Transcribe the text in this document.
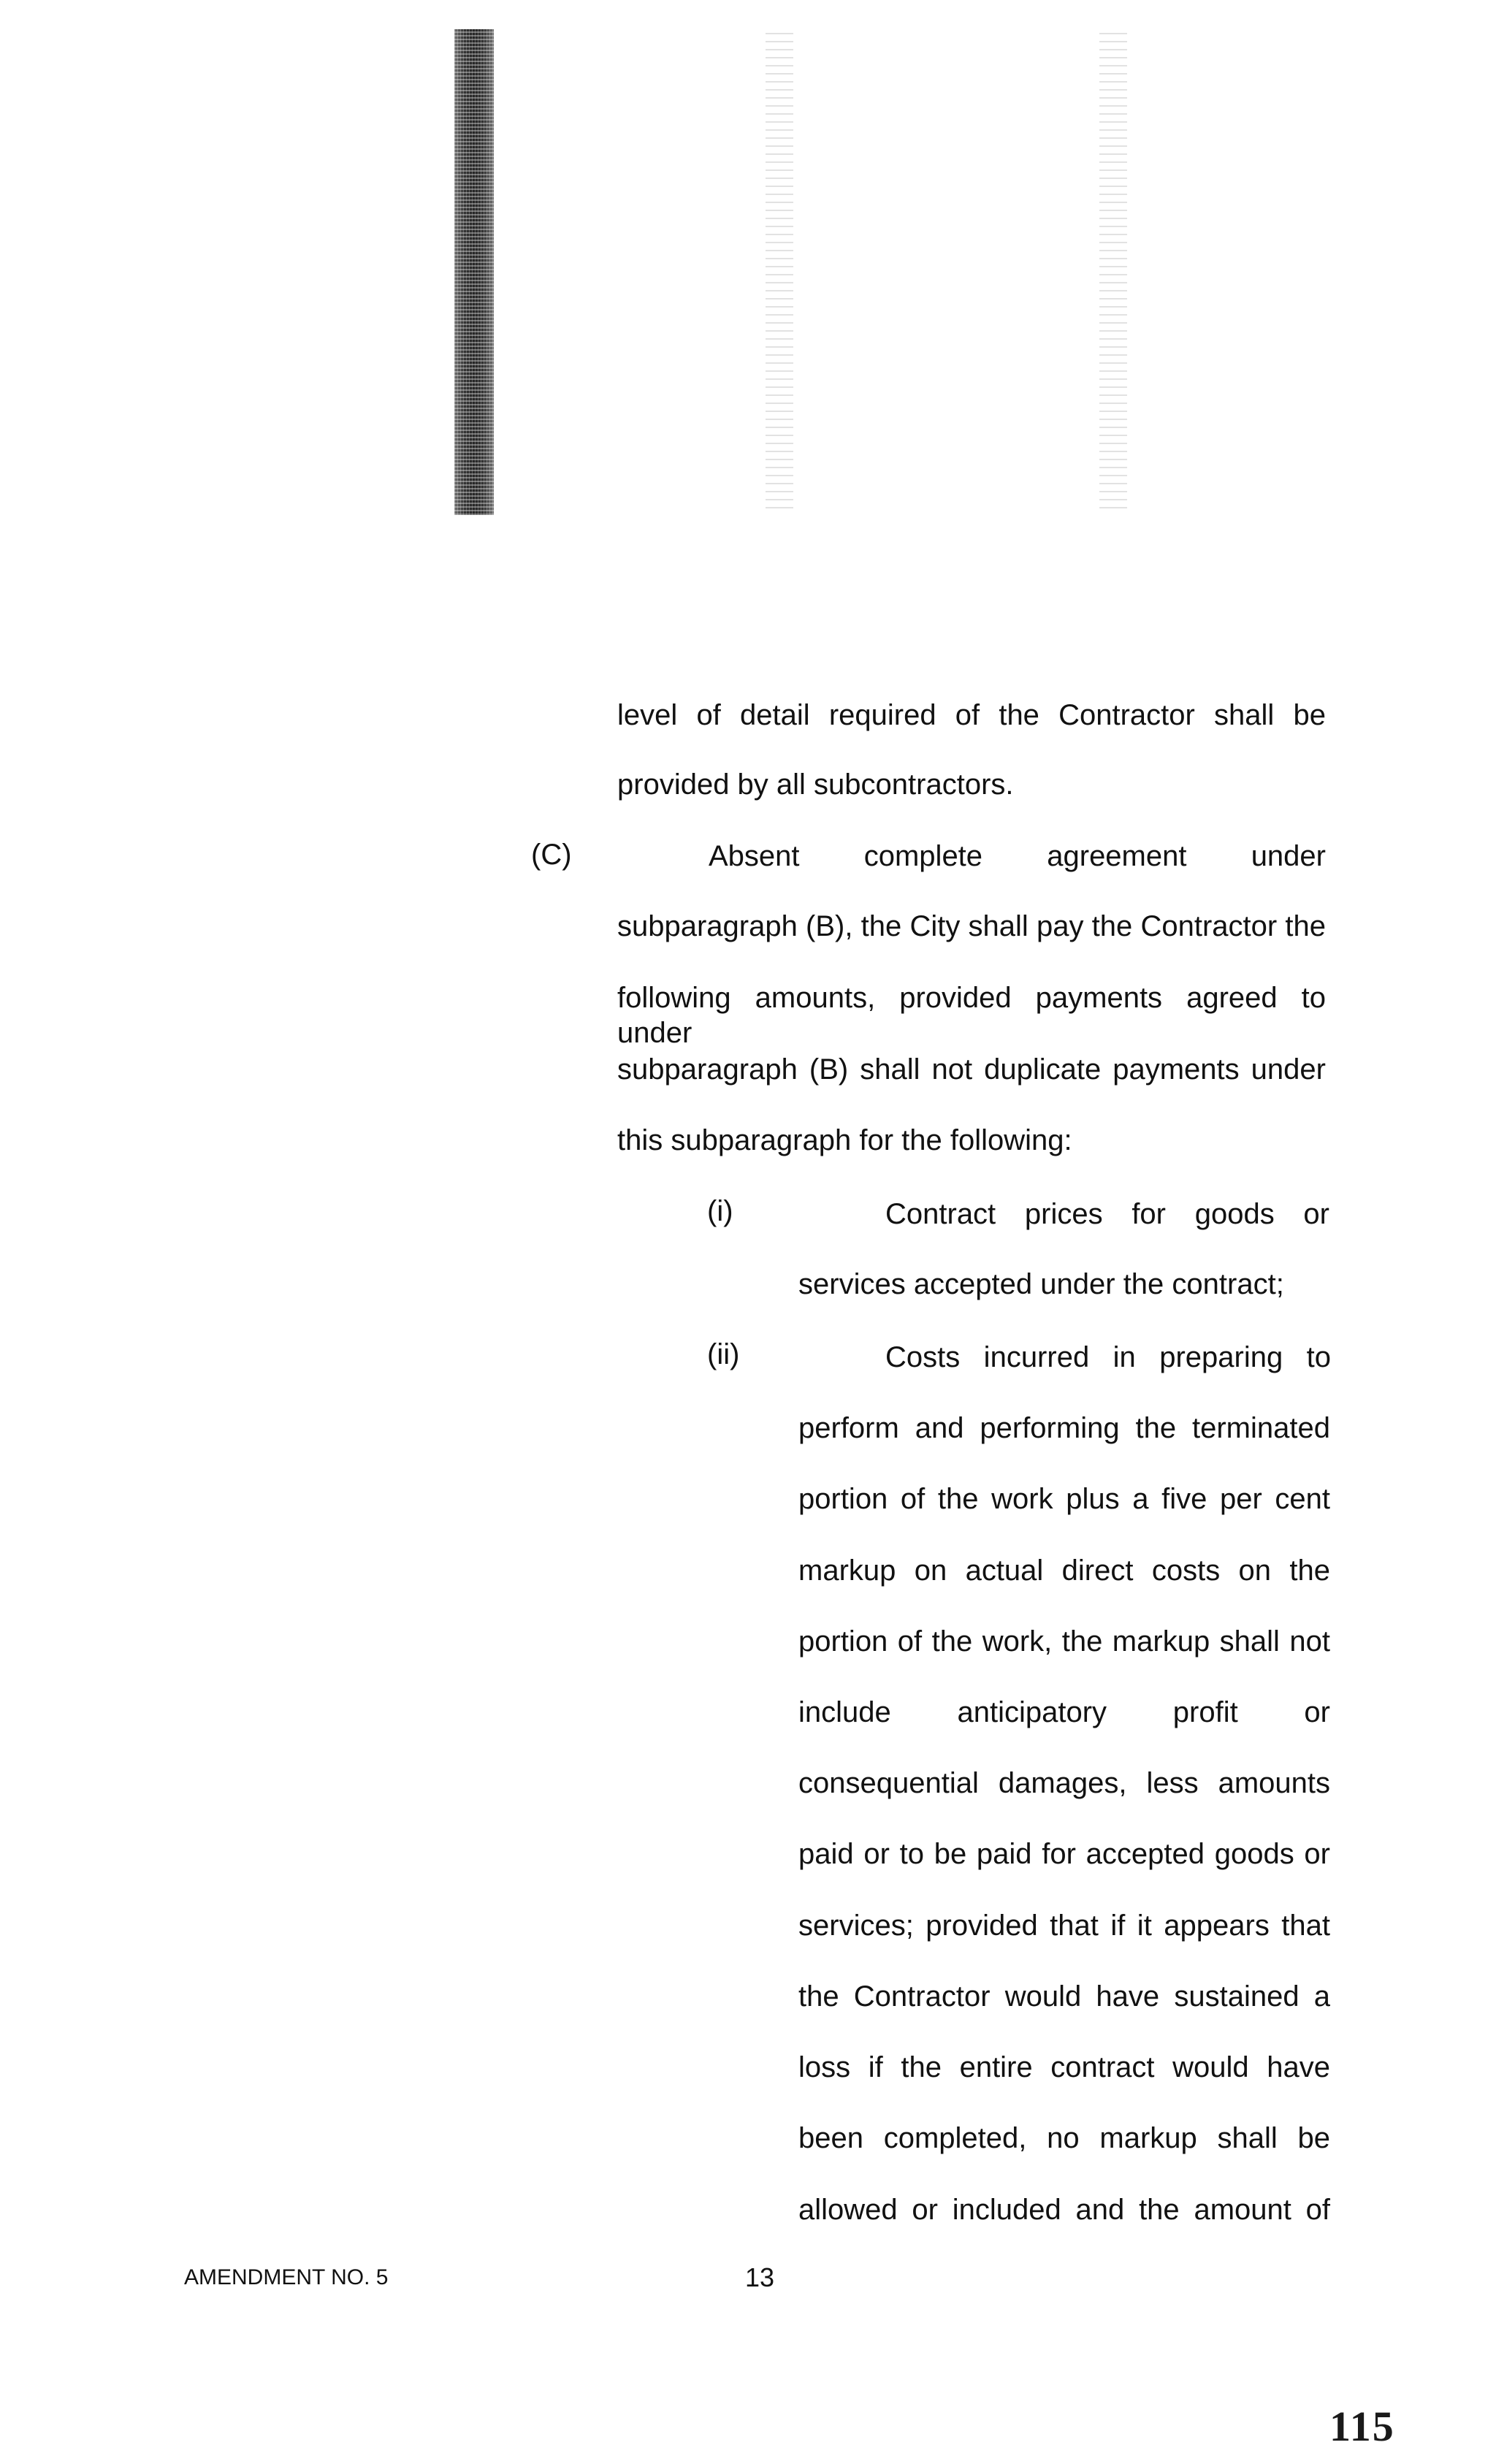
level of detail required of the Contractor shall be

provided by all subcontractors.

(C)	Absent complete agreement under

subparagraph (B), the City shall pay the Contractor the

following amounts, provided payments agreed to under

subparagraph (B) shall not duplicate payments under

this subparagraph for the following:

(i)	Contract prices for goods or

services accepted under the contract;

(ii)	Costs incurred in preparing to

perform and performing the terminated

portion of the work plus a five per cent

markup on actual direct costs on the

portion of the work, the markup shall not

include anticipatory profit or

consequential damages, less amounts

paid or to be paid for accepted goods or

services; provided that if it appears that

the Contractor would have sustained a

loss if the entire contract would have

been completed, no markup shall be

allowed or included and the amount of

AMENDMENT NO. 5	13
115
